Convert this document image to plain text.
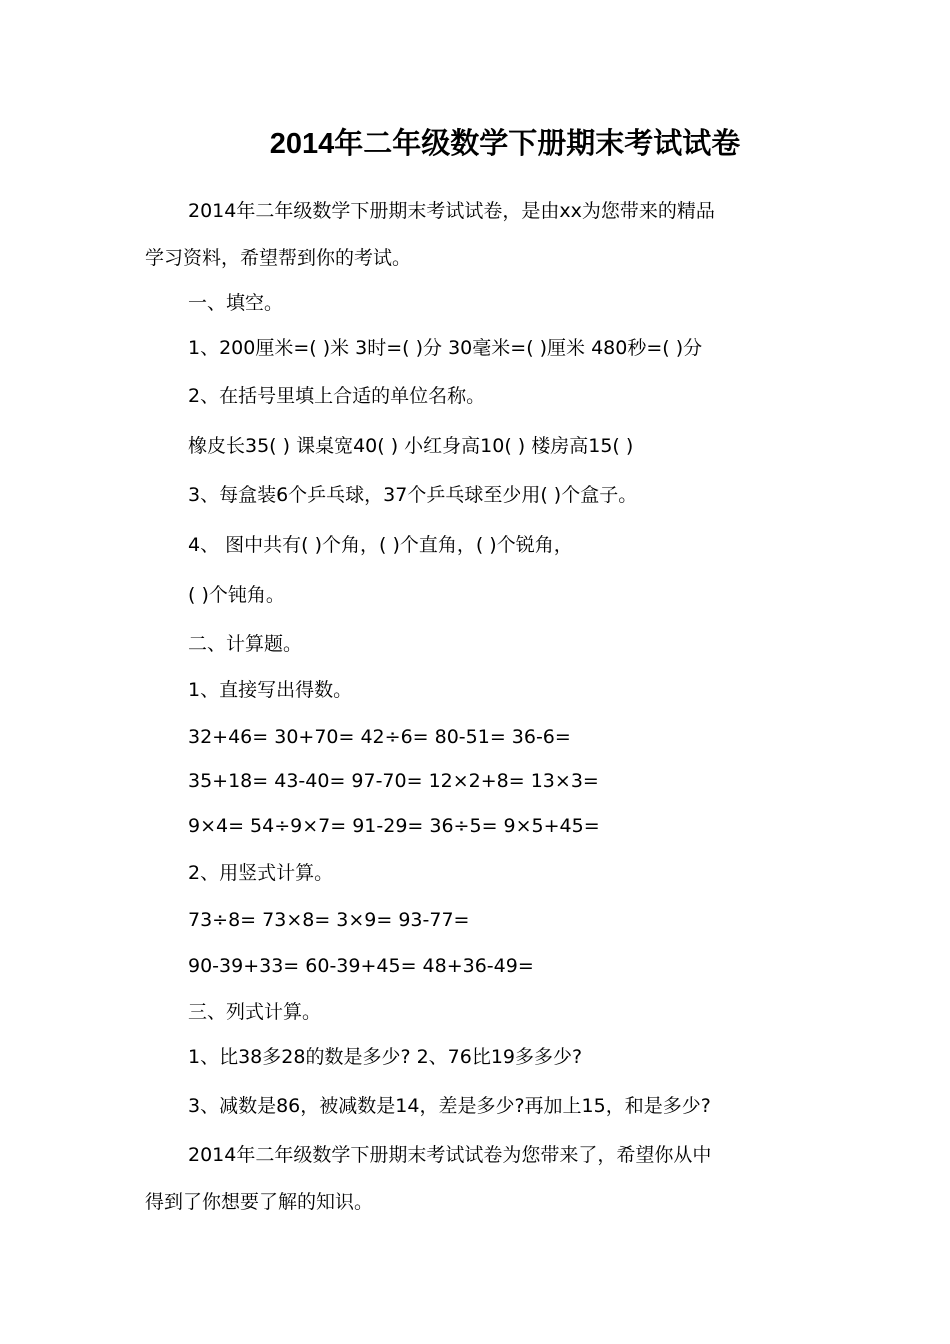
2014年二年级数学下册期末考试试卷
2014年二年级数学下册期末考试试卷，是由xx为您带来的精品
学习资料，希望帮到你的考试。
一、填空。
1、200厘米=( )米 3时=( )分 30毫米=( )厘米 480秒=( )分
2、在括号里填上合适的单位名称。
橡皮长35( ) 课桌宽40( ) 小红身高10( ) 楼房高15( )
3、每盒装6个乒乓球，37个乒乓球至少用( )个盒子。
4、 图中共有( )个角，( )个直角，( )个锐角，
( )个钝角。
二、计算题。
1、直接写出得数。
32+46= 30+70= 42÷6= 80-51= 36-6=
35+18= 43-40= 97-70= 12×2+8= 13×3=
9×4= 54÷9×7= 91-29= 36÷5= 9×5+45=
2、用竖式计算。
73÷8= 73×8= 3×9= 93-77=
90-39+33= 60-39+45= 48+36-49=
三、列式计算。
1、比38多28的数是多少? 2、76比19多多少?
3、减数是86，被减数是14，差是多少?再加上15，和是多少?
2014年二年级数学下册期末考试试卷为您带来了，希望你从中
得到了你想要了解的知识。
